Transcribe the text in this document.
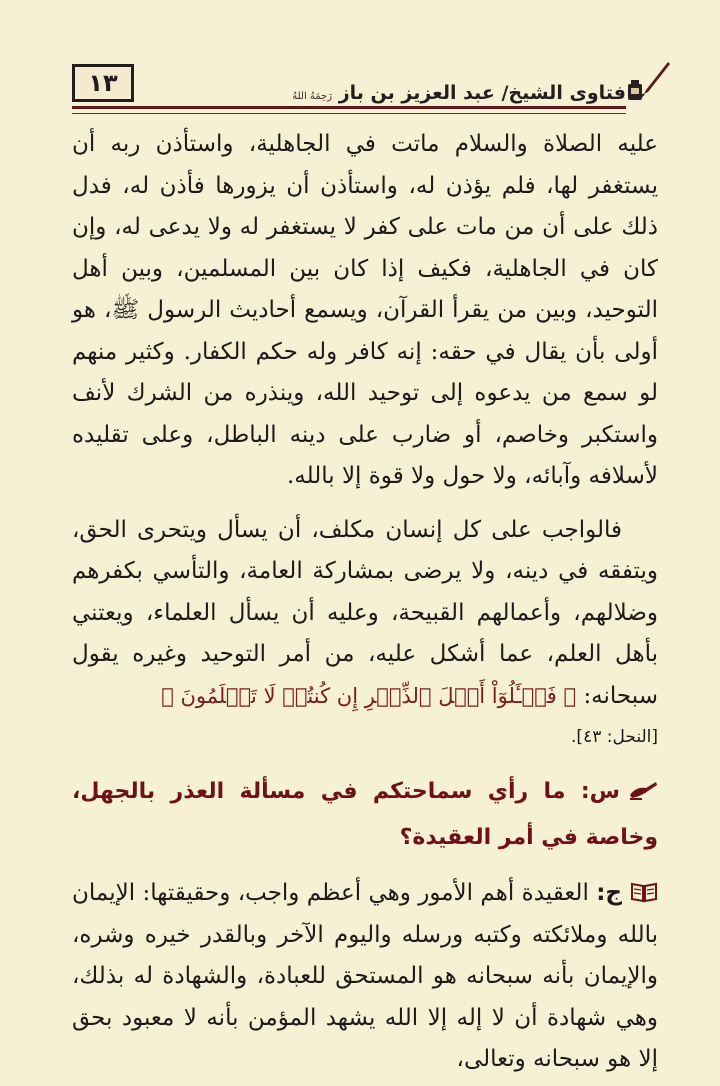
١٣	فتاوى الشيخ/ عبد العزيز بن باز رَحِمَهُ اللهُ

عليه الصلاة والسلام ماتت في الجاهلية، واستأذن ربه أن يستغفر لها، فلم يؤذن له، واستأذن أن يزورها فأذن له، فدل ذلك على أن من مات على كفر لا يستغفر له ولا يدعى له، وإن كان في الجاهلية، فكيف إذا كان بين المسلمين، وبين أهل التوحيد، وبين من يقرأ القرآن، ويسمع أحاديث الرسول ﷺ، هو أولى بأن يقال في حقه: إنه كافر وله حكم الكفار. وكثير منهم لو سمع من يدعوه إلى توحيد الله، وينذره من الشرك لأنف واستكبر وخاصم، أو ضارب على دينه الباطل، وعلى تقليده لأسلافه وآبائه، ولا حول ولا قوة إلا بالله.

فالواجب على كل إنسان مكلف، أن يسأل ويتحرى الحق، ويتفقه في دينه، ولا يرضى بمشاركة العامة، والتأسي بكفرهم وضلالهم، وأعمالهم القبيحة، وعليه أن يسأل العلماء، ويعتني بأهل العلم، عما أشكل عليه، من أمر التوحيد وغيره يقول سبحانه: ﴿ فَسۡـَٔلُوٓاْ أَهۡلَ ٱلذِّكۡرِ إِن كُنتُمۡ لَا تَعۡلَمُونَ ﴾

[النحل: ٤٣].

س: ما رأي سماحتكم في مسألة العذر بالجهل، وخاصة في أمر العقيدة؟

ج: العقيدة أهم الأمور وهي أعظم واجب، وحقيقتها: الإيمان بالله وملائكته وكتبه ورسله واليوم الآخر وبالقدر خيره وشره، والإيمان بأنه سبحانه هو المستحق للعبادة، والشهادة له بذلك، وهي شهادة أن لا إله إلا الله يشهد المؤمن بأنه لا معبود بحق إلا هو سبحانه وتعالى،
